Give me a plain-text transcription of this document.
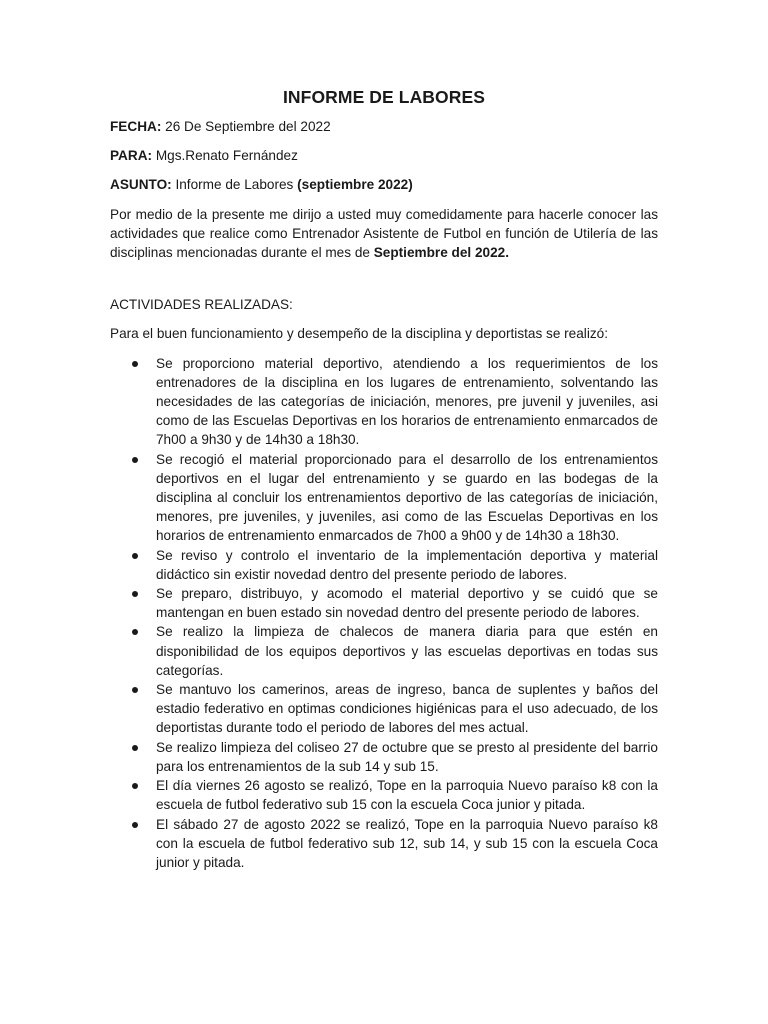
INFORME DE LABORES

FECHA: 26 De Septiembre del 2022

PARA: Mgs.Renato Fernández

ASUNTO: Informe de Labores (septiembre 2022)

Por medio de la presente me dirijo a usted muy comedidamente para hacerle conocer las actividades que realice como Entrenador Asistente de Futbol en función de Utilería de las disciplinas mencionadas durante el mes de Septiembre del 2022.

ACTIVIDADES REALIZADAS:

Para el buen funcionamiento y desempeño de la disciplina y deportistas se realizó:

Se proporciono material deportivo, atendiendo a los requerimientos de los entrenadores de la disciplina en los lugares de entrenamiento, solventando las necesidades de las categorías de iniciación, menores, pre juvenil y juveniles, asi como de las Escuelas Deportivas en los horarios de entrenamiento enmarcados de 7h00 a 9h30 y de 14h30 a 18h30.
Se recogió el material proporcionado para el desarrollo de los entrenamientos deportivos en el lugar del entrenamiento y se guardo en las bodegas de la disciplina al concluir los entrenamientos deportivo de las categorías de iniciación, menores, pre juveniles, y juveniles, asi como de las Escuelas Deportivas en los horarios de entrenamiento enmarcados de 7h00 a 9h00 y de 14h30 a 18h30.
Se reviso y controlo el inventario de la implementación deportiva y material didáctico sin existir novedad dentro del presente periodo de labores.
Se preparo, distribuyo, y acomodo el material deportivo y se cuidó que se mantengan en buen estado sin novedad dentro del presente periodo de labores.
Se realizo la limpieza de chalecos de manera diaria para que estén en disponibilidad de los equipos deportivos y las escuelas deportivas en todas sus categorías.
Se mantuvo los camerinos, areas de ingreso, banca de suplentes y baños del estadio federativo en optimas condiciones higiénicas para el uso adecuado, de los deportistas durante todo el periodo de labores del mes actual.
Se realizo limpieza del coliseo 27 de octubre que se presto al presidente del barrio para los entrenamientos de la sub 14 y sub 15.
El día viernes 26 agosto se realizó, Tope en la parroquia Nuevo paraíso k8 con la escuela de futbol federativo sub 15 con la escuela Coca junior y pitada.
El sábado 27 de agosto 2022 se realizó, Tope en la parroquia Nuevo paraíso k8 con la escuela de futbol federativo sub 12, sub 14, y sub 15 con la escuela Coca junior y pitada.
